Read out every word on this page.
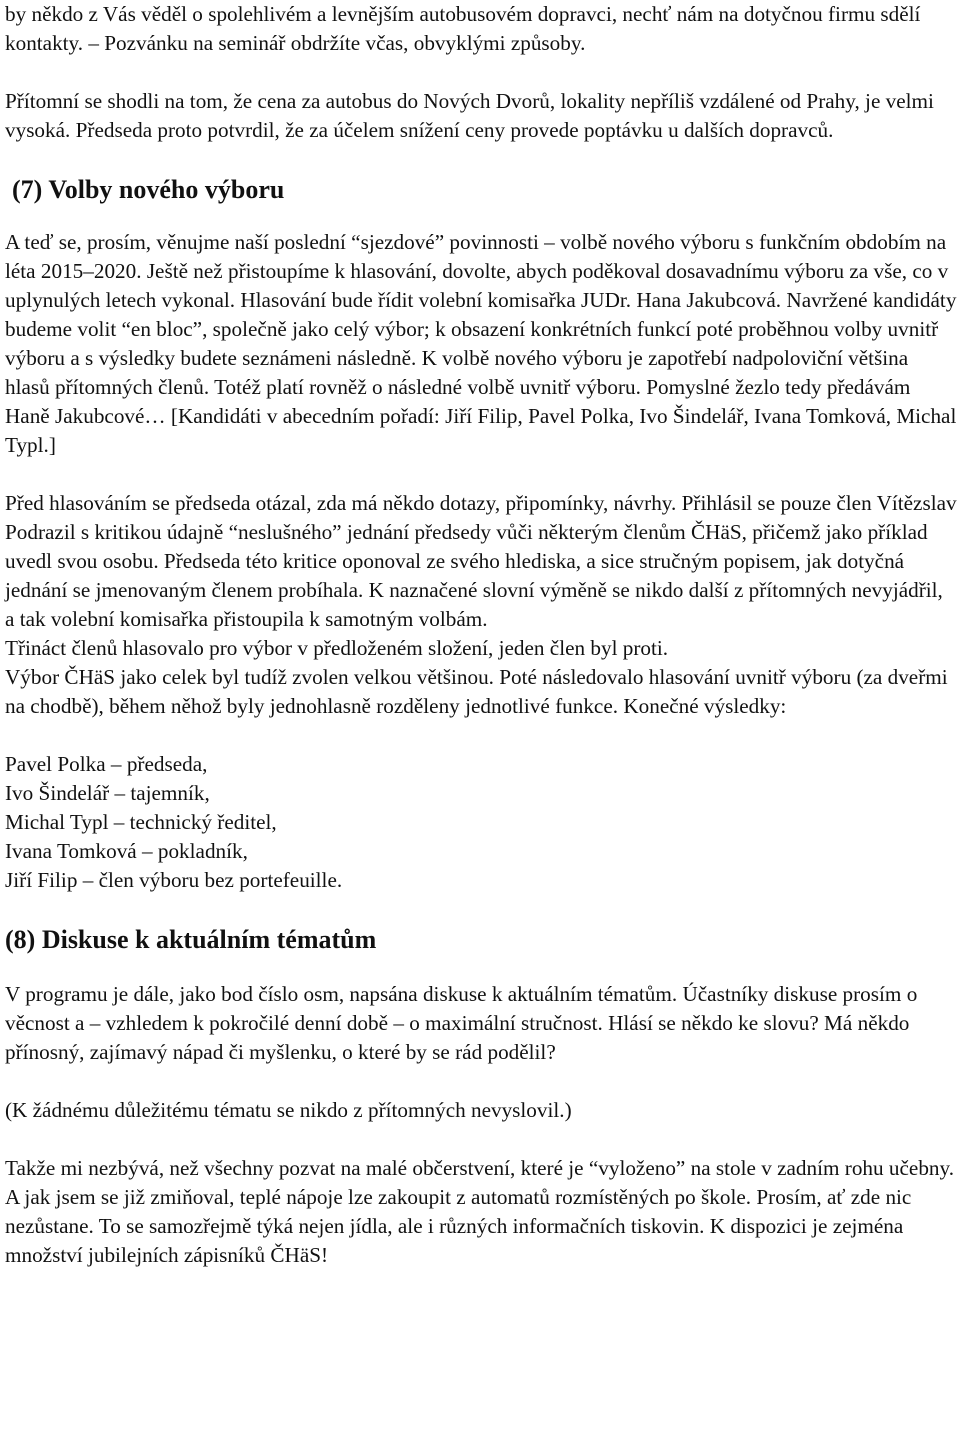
by někdo z Vás věděl o spolehlivém a levnějším autobusovém dopravci, nechť nám na dotyčnou firmu sdělí kontakty. – Pozvánku na seminář obdržíte včas, obvyklými způsoby.

Přítomní se shodli na tom, že cena za autobus do Nových Dvorů, lokality nepříliš vzdálené od Prahy, je velmi vysoká. Předseda proto potvrdil, že za účelem snížení ceny provede poptávku u dalších dopravců.

(7) Volby nového výboru

A teď se, prosím, věnujme naší poslední “sjezdové” povinnosti – volbě nového výboru s funkčním obdobím na léta 2015–2020. Ještě než přistoupíme k hlasování, dovolte, abych poděkoval dosavadnímu výboru za vše, co v uplynulých letech vykonal. Hlasování bude řídit volební komisařka JUDr. Hana Jakubcová. Navržené kandidáty budeme volit “en bloc”, společně jako celý výbor; k obsazení konkrétních funkcí poté proběhnou volby uvnitř výboru a s výsledky budete seznámeni následně. K volbě nového výboru je zapotřebí nadpoloviční většina hlasů přítomných členů. Totéž platí rovněž o následné volbě uvnitř výboru. Pomyslné žezlo tedy předávám Haně Jakubcové… [Kandidáti v abecedním pořadí: Jiří Filip, Pavel Polka, Ivo Šindelář, Ivana Tomková, Michal Typl.]

Před hlasováním se předseda otázal, zda má někdo dotazy, připomínky, návrhy. Přihlásil se pouze člen Vítězslav Podrazil s kritikou údajně “neslušného” jednání předsedy vůči některým členům ČHäS, přičemž jako příklad uvedl svou osobu. Předseda této kritice oponoval ze svého hlediska, a sice stručným popisem, jak dotyčná jednání se jmenovaným členem probíhala. K naznačené slovní výměně se nikdo další z přítomných nevyjádřil, a tak volební komisařka přistoupila k samotným volbám.

Třináct členů hlasovalo pro výbor v předloženém složení, jeden člen byl proti.

Výbor ČHäS jako celek byl tudíž zvolen velkou většinou. Poté následovalo hlasování uvnitř výboru (za dveřmi na chodbě), během něhož byly jednohlasně rozděleny jednotlivé funkce. Konečné výsledky:

Pavel Polka – předseda,

Ivo Šindelář – tajemník,

Michal Typl – technický ředitel,

Ivana Tomková – pokladník,

Jiří Filip – člen výboru bez portefeuille.

(8) Diskuse k aktuálním tématům

V programu je dále, jako bod číslo osm, napsána diskuse k aktuálním tématům. Účastníky diskuse prosím o věcnost a – vzhledem k pokročilé denní době – o maximální stručnost. Hlásí se někdo ke slovu? Má někdo přínosný, zajímavý nápad či myšlenku, o které by se rád podělil?

(K žádnému důležitému tématu se nikdo z přítomných nevyslovil.)

Takže mi nezbývá, než všechny pozvat na malé občerstvení, které je “vyloženo” na stole v zadním rohu učebny. A jak jsem se již zmiňoval, teplé nápoje lze zakoupit z automatů rozmístěných po škole. Prosím, ať zde nic nezůstane. To se samozřejmě týká nejen jídla, ale i různých informačních tiskovin. K dispozici je zejména množství jubilejních zápisníků ČHäS!
